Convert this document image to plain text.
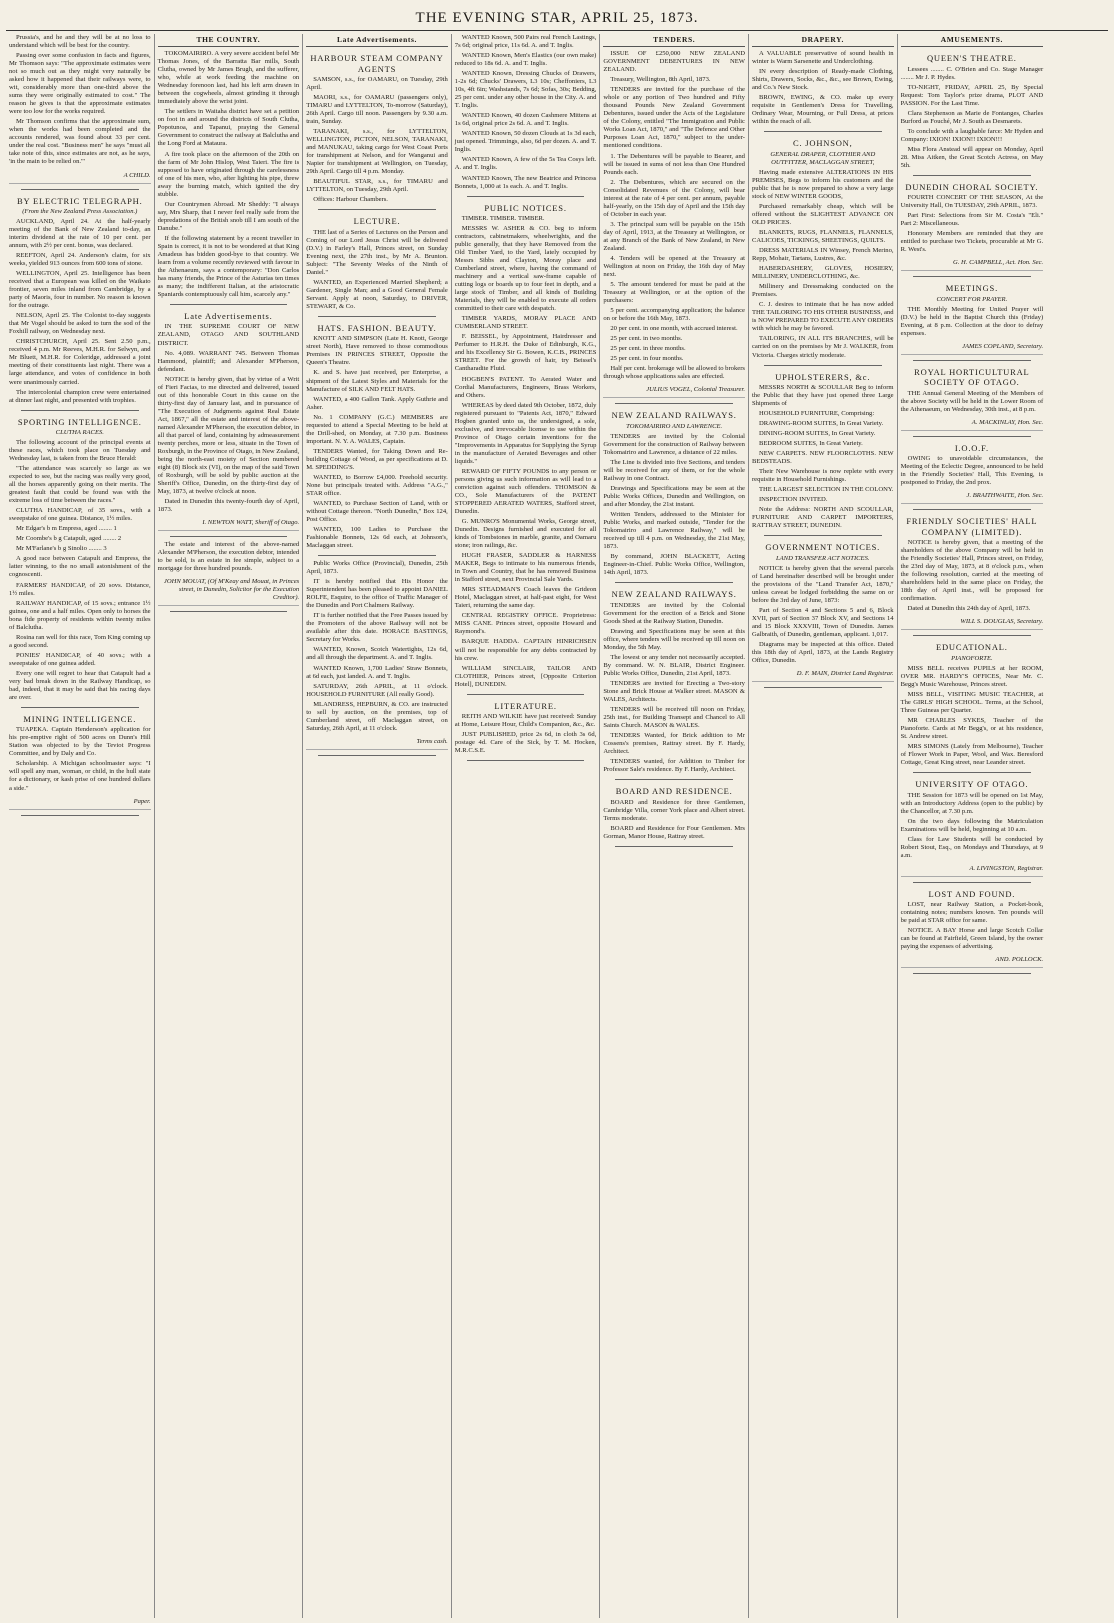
THE EVENING STAR, APRIL 25, 1873.

Prussia's, and he and they will be at no loss to understand which will be best for the country.

Passing over some confusion in facts and figures, Mr Thomson says: "The approximate estimates were not so much out as they might very naturally be asked how it happened that their railways were, to wit, considerably more than one-third above the sums they were originally estimated to cost." The reason he gives is that the approximate estimates were too low for the works required.

Mr Thomson confirms that the approximate sum, when the works had been completed and the accounts rendered, was found about 33 per cent. under the real cost. "Business men" he says "must all take note of this, since estimates are not, as he says, 'in the main to be relied on.'"

A CHILD.
BY ELECTRIC TELEGRAPH.
(From the New Zealand Press Association.)

AUCKLAND, April 24. At the half-yearly meeting of the Bank of New Zealand to-day, an interim dividend at the rate of 10 per cent. per annum, with 2½ per cent. bonus, was declared.

REEFTON, April 24. Anderson's claim, for six weeks, yielded 913 ounces from 600 tons of stone.

WELLINGTON, April 25. Intelligence has been received that a European was killed on the Waikato frontier, seven miles inland from Cambridge, by a party of Maoris, four in number. No reason is known for the outrage.

NELSON, April 25. The Colonist to-day suggests that Mr Vogel should be asked to turn the sod of the Foxhill railway, on Wednesday next.

CHRISTCHURCH, April 25. Sent 2.50 p.m., received 4 p.m. Mr Reeves, M.H.R. for Selwyn, and Mr Bluett, M.H.R. for Coleridge, addressed a joint meeting of their constituents last night. There was a large attendance, and votes of confidence in both were unanimously carried.

The intercolonial champion crew were entertained at dinner last night, and presented with trophies.

SPORTING INTELLIGENCE.
CLUTHA RACES.

The following account of the principal events at these races, which took place on Tuesday and Wednesday last, is taken from the Bruce Herald:

"The attendance was scarcely so large as we expected to see, but the racing was really very good, all the horses apparently going on their merits. The greatest fault that could be found was with the extreme loss of time between the races."

CLUTHA HANDICAP, of 35 sovs., with a sweepstake of one guinea. Distance, 1½ miles.

Mr Edgar's b m Empress, aged ........ 1

Mr Coombe's b g Catapult, aged ........ 2

Mr M'Farlane's b g Sinolio ........ 3

A good race between Catapult and Empress, the latter winning, to the no small astonishment of the cognoscenti.

FARMERS' HANDICAP, of 20 sovs. Distance, 1½ miles.

RAILWAY HANDICAP, of 15 sovs.; entrance 1½ guinea, one and a half miles. Open only to horses the bona fide property of residents within twenty miles of Balclutha.

Rosina ran well for this race, Tom King coming up a good second.

PONIES' HANDICAP, of 40 sovs.; with a sweepstake of one guinea added.

Every one will regret to hear that Catapult had a very bad break down in the Railway Handicap, so bad, indeed, that it may be said that his racing days are over.

MINING INTELLIGENCE.

TUAPEKA. Captain Henderson's application for his pre-emptive right of 500 acres on Dunn's Hill Station was objected to by the Teviot Progress Committee, and by Daly and Co.

Scholarship. A Michigan schoolmaster says: "I will spell any man, woman, or child, in the hull state for a dictionary, or kash prise of one hundred dollars a side."

Paper.
THE COUNTRY.

TOKOMAIRIRO. A very severe accident befel Mr Thomas Jones, of the Barratta Bar mills, South Clutha, owned by Mr James Brugh, and the sufferer, who, while at work feeding the machine on Wednesday forenoon last, had his left arm drawn in between the cogwheels, almost grinding it through immediately above the wrist joint.

The settlers in Waitaha district have set a petition on foot in and around the districts of South Clutha, Popotunoa, and Tapanui, praying the General Government to construct the railway at Balclutha and the Long Ford at Mataura.

A fire took place on the afternoon of the 20th on the farm of Mr John Hislop, West Taieri. The fire is supposed to have originated through the carelessness of one of his men, who, after lighting his pipe, threw away the burning match, which ignited the dry stubble.

Our Countrymen Abroad. Mr Sheddy: "I always say, Mrs Sharp, that I never feel really safe from the depredations of the British snob till I am south of the Danube."

If the following statement by a recent traveller in Spain is correct, it is not to be wondered at that King Amadeus has bidden good-bye to that country. We learn from a volume recently reviewed with favour in the Athenaeum, says a contemporary: "Don Carlos has many friends, the Prince of the Asturias ten times as many; the indifferent Italian, at the aristocratic Spaniards contemptuously call him, scarcely any."

Late Advertisements.

IN THE SUPREME COURT OF NEW ZEALAND, OTAGO AND SOUTHLAND DISTRICT.

No. 4,089. WARRANT 745. Between Thomas Hammond, plaintiff; and Alexander M'Pherson, defendant.

NOTICE is hereby given, that by virtue of a Writ of Fieri Facias, to me directed and delivered, issued out of this honorable Court in this cause on the thirty-first day of January last, and in pursuance of "The Execution of Judgments against Real Estate Act, 1867," all the estate and interest of the above-named Alexander M'Pherson, the execution debtor, in all that parcel of land, containing by admeasurement twenty perches, more or less, situate in the Town of Roxburgh, in the Province of Otago, in New Zealand, being the north-east moiety of Section numbered eight (8) Block six (VI), on the map of the said Town of Roxburgh, will be sold by public auction at the Sheriff's Office, Dunedin, on the thirty-first day of May, 1873, at twelve o'clock at noon.

Dated in Dunedin this twenty-fourth day of April, 1873.

I. NEWTON WATT, Sheriff of Otago.

The estate and interest of the above-named Alexander M'Pherson, the execution debtor, intended to be sold, is an estate in fee simple, subject to a mortgage for three hundred pounds.

JOHN MOUAT, (Of M'Keay and Mouat, in Princes street, in Dunedin, Solicitor for the Execution Creditor).
Late Advertisements.
HARBOUR STEAM COMPANY AGENTS

SAMSON, s.s., for OAMARU, on Tuesday, 29th April.

MAORI, s.s., for OAMARU (passengers only), TIMARU and LYTTELTON, To-morrow (Saturday), 26th April. Cargo till noon. Passengers by 9.30 a.m. train, Sunday.

TARANAKI, s.s., for LYTTELTON, WELLINGTON, PICTON, NELSON, TARANAKI, and MANUKAU, taking cargo for West Coast Ports for transhipment at Nelson, and for Wanganui and Napier for transhipment at Wellington, on Tuesday, 29th April. Cargo till 4 p.m. Monday.

BEAUTIFUL STAR, s.s., for TIMARU and LYTTELTON, on Tuesday, 29th April.

Offices: Harbour Chambers.

LECTURE.

THE last of a Series of Lectures on the Person and Coming of our Lord Jesus Christ will be delivered (D.V.) in Farley's Hall, Princes street, on Sunday Evening next, the 27th inst., by Mr A. Brunton. Subject: "The Seventy Weeks of the Ninth of Daniel."

WANTED, an Experienced Married Shepherd; a Gardener, Single Man; and a Good General Female Servant. Apply at noon, Saturday, to DRIVER, STEWART, & Co.

HATS. FASHION. BEAUTY.

KNOTT AND SIMPSON (Late H. Knott, George street North), Have removed to those commodious Premises IN PRINCES STREET, Opposite the Queen's Theatre.

K. and S. have just received, per Enterprise, a shipment of the Latest Styles and Materials for the Manufacture of SILK AND FELT HATS.

WANTED, a 400 Gallon Tank. Apply Guthrie and Asher.

No. 1 COMPANY (G.C.) MEMBERS are requested to attend a Special Meeting to be held at the Drill-shed, on Monday, at 7.30 p.m. Business important. N. Y. A. WALES, Captain.

TENDERS Wanted, for Taking Down and Re-building Cottage of Wood, as per specifications at D. M. SPEDDING'S.

WANTED, to Borrow £4,000. Freehold security. None but principals treated with. Address "A.G.," STAR office.

WANTED, to Purchase Section of Land, with or without Cottage thereon. "North Dunedin," Box 124, Post Office.

WANTED, 100 Ladies to Purchase the Fashionable Bonnets, 12s 6d each, at Johnson's, Maclaggan street.

Public Works Office (Provincial), Dunedin, 25th April, 1873.

IT is hereby notified that His Honor the Superintendent has been pleased to appoint DANIEL ROLFE, Esquire, to the office of Traffic Manager of the Dunedin and Port Chalmers Railway.

IT is further notified that the Free Passes issued by the Promoters of the above Railway will not be available after this date. HORACE BASTINGS, Secretary for Works.

WANTED, Known, Scotch Watertights, 12s 6d, and all through the department. A. and T. Inglis.

WANTED Known, 1,700 Ladies' Straw Bonnets, at 6d each, just landed. A. and T. Inglis.

SATURDAY, 26th APRIL, at 11 o'clock. HOUSEHOLD FURNITURE (All really Good).

MLANDRESS, HEPBURN, & CO. are instructed to sell by auction, on the premises, top of Cumberland street, off Maclaggan street, on Saturday, 26th April, at 11 o'clock.

Terms cash.

WANTED Known, 500 Pairs real French Lastings, 7s 6d; original price, 11s 6d. A. and T. Inglis.

WANTED Known, Men's Elastics (our own make) reduced to 18s 6d. A. and T. Inglis.

WANTED Known, Dressing Chucks of Drawers, 1-2s 6d; Chucks' Drawers, L3 10s; Cheffoniers, L3 10s, 4ft 6in; Washstands, 7s 6d; Sofas, 30s; Bedding, 25 per cent. under any other house in the City. A. and T. Inglis.

WANTED Known, 40 dozen Cashmere Mittens at 1s 6d, original price 2s 6d. A. and T. Inglis.

WANTED Known, 50 dozen Clouds at 1s 3d each, just opened. Trimmings, also, 6d per dozen. A. and T. Inglis.

WANTED Known, A few of the 5s Tea Cosys left. A. and T. Inglis.

WANTED Known, The new Beatrice and Princess Bonnets, 1,000 at 1s each. A. and T. Inglis.

PUBLIC NOTICES.

TIMBER. TIMBER. TIMBER.

MESSRS W. ASHER & CO. beg to inform contractors, cabinetmakers, wheelwrights, and the public generally, that they have Removed from the Old Timber Yard, to the Yard, lately occupied by Messrs Sibbs and Clayton, Moray place and Cumberland street, where, having the command of machinery and a vertical saw-frame capable of cutting logs or boards up to four feet in depth, and a large stock of Timber, and all kinds of Building Materials, they will be enabled to execute all orders committed to their care with despatch.

TIMBER YARDS, MORAY PLACE AND CUMBERLAND STREET.

F. BEISSEL, by Appointment, Hairdresser and Perfumer to H.R.H. the Duke of Edinburgh, K.G., and his Excellency Sir G. Bowen, K.C.B., PRINCES STREET. For the growth of hair, try Beissel's Cantharadite Fluid.

HOGBEN'S PATENT. To Aerated Water and Cordial Manufacturers, Engineers, Brass Workers, and Others.

WHEREAS by deed dated 9th October, 1872, duly registered pursuant to "Patents Act, 1870," Edward Hogben granted unto us, the undersigned, a sole, exclusive, and irrevocable license to use within the Province of Otago certain inventions for the "Improvements in Apparatus for Supplying the Syrup in the manufacture of Aerated Beverages and other liquids."

REWARD OF FIFTY POUNDS to any person or persons giving us such information as will lead to a conviction against such offenders. THOMSON & CO., Sole Manufacturers of the PATENT STOPPERED AERATED WATERS, Stafford street, Dunedin.

G. MUNRO'S Monumental Works, George street, Dunedin. Designs furnished and executed for all kinds of Tombstones in marble, granite, and Oamaru stone; iron railings, &c.

HUGH FRASER, SADDLER & HARNESS MAKER, Begs to intimate to his numerous friends, in Town and Country, that he has removed Business in Stafford street, next Provincial Sale Yards.

MRS STEADMAN'S Coach leaves the Grideon Hotel, Maclaggan street, at half-past eight, for West Taieri, returning the same day.

CENTRAL REGISTRY OFFICE. Proprietress: MISS CANE. Princes street, opposite Howard and Raymond's.

BARQUE HADDA. CAPTAIN HINRICHSEN will not be responsible for any debts contracted by his crew.

WILLIAM SINCLAIR, TAILOR AND CLOTHIER, Princes street, [Opposite Criterion Hotel], DUNEDIN.

LITERATURE.

REITH AND WILKIE have just received: Sunday at Home, Leisure Hour, Child's Companion, &c., &c.

JUST PUBLISHED, price 2s 6d, in cloth 3s 6d, postage 4d. Care of the Sick, by T. M. Hocken, M.R.C.S.E.

TENDERS.

ISSUE OF £250,000 NEW ZEALAND GOVERNMENT DEBENTURES IN NEW ZEALAND.

Treasury, Wellington, 8th April, 1873.

TENDERS are invited for the purchase of the whole or any portion of Two hundred and Fifty thousand Pounds New Zealand Government Debentures, issued under the Acts of the Legislature of the Colony, entitled "The Immigration and Public Works Loan Act, 1870," and "The Defence and Other Purposes Loan Act, 1870," subject to the under-mentioned conditions.

1. The Debentures will be payable to Bearer, and will be issued in sums of not less than One Hundred Pounds each.

2. The Debentures, which are secured on the Consolidated Revenues of the Colony, will bear interest at the rate of 4 per cent. per annum, payable half-yearly, on the 15th day of April and the 15th day of October in each year.

3. The principal sum will be payable on the 15th day of April, 1913, at the Treasury at Wellington, or at any Branch of the Bank of New Zealand, in New Zealand.

4. Tenders will be opened at the Treasury at Wellington at noon on Friday, the 16th day of May next.

5. The amount tendered for must be paid at the Treasury at Wellington, or at the option of the purchasers:

5 per cent. accompanying application; the balance on or before the 16th May, 1873.

20 per cent. in one month, with accrued interest.

25 per cent. in two months.

25 per cent. in three months.

25 per cent. in four months.

Half per cent. brokerage will be allowed to brokers through whose applications sales are effected.

JULIUS VOGEL, Colonial Treasurer.
NEW ZEALAND RAILWAYS.
TOKOMAIRIRO AND LAWRENCE.

TENDERS are invited by the Colonial Government for the construction of Railway between Tokomairiro and Lawrence, a distance of 22 miles.

The Line is divided into five Sections, and tenders will be received for any of them, or for the whole Railway in one Contract.

Drawings and Specifications may be seen at the Public Works Offices, Dunedin and Wellington, on and after Monday, the 21st instant.

Written Tenders, addressed to the Minister for Public Works, and marked outside, "Tender for the Tokomairiro and Lawrence Railway," will be received up till 4 p.m. on Wednesday, the 21st May, 1873.

By command, JOHN BLACKETT, Acting Engineer-in-Chief. Public Works Office, Wellington, 14th April, 1873.

NEW ZEALAND RAILWAYS.

TENDERS are invited by the Colonial Government for the erection of a Brick and Stone Goods Shed at the Railway Station, Dunedin.

Drawing and Specifications may be seen at this office, where tenders will be received up till noon on Monday, the 5th May.

The lowest or any tender not necessarily accepted. By command. W. N. BLAIR, District Engineer. Public Works Office, Dunedin, 21st April, 1873.

TENDERS are invited for Erecting a Two-story Stone and Brick House at Walker street. MASON & WALES, Architects.

TENDERS will be received till noon on Friday, 25th inst., for Building Transept and Chancel to All Saints Church. MASON & WALES.

TENDERS Wanted, for Brick addition to Mr Cossens's premises, Rattray street. By F. Hardy, Architect.

TENDERS wanted, for Addition to Timber for Professor Sale's residence. By F. Hardy, Architect.

BOARD AND RESIDENCE.

BOARD and Residence for three Gentlemen, Cambridge Villa, corner York place and Albert street. Terms moderate.

BOARD and Residence for Four Gentlemen. Mrs Gorman, Manor House, Rattray street.

DRAPERY.

A VALUABLE preservative of sound health in winter is Warm Sarsenette and Underclothing.

IN every description of Ready-made Clothing, Shirts, Drawers, Socks, &c., &c., see Brown, Ewing, and Co.'s New Stock.

BROWN, EWING, & CO. make up every requisite in Gentlemen's Dress for Travelling, Ordinary Wear, Mourning, or Full Dress, at prices within the reach of all.

C. JOHNSON,
GENERAL DRAPER, CLOTHIER AND OUTFITTER, MACLAGGAN STREET,

Having made extensive ALTERATIONS IN HIS PREMISES, Begs to inform his customers and the public that he is now prepared to show a very large stock of NEW WINTER GOODS,

Purchased remarkably cheap, which will be offered without the SLIGHTEST ADVANCE ON OLD PRICES.

BLANKETS, RUGS, FLANNELS, FLANNELS, CALICOES, TICKINGS, SHEETINGS, QUILTS.

DRESS MATERIALS IN Winsey, French Merino, Repp, Mohair, Tartans, Lustres, &c.

HABERDASHERY, GLOVES, HOSIERY, MILLINERY, UNDERCLOTHING, &c.

Millinery and Dressmaking conducted on the Premises.

C. J. desires to intimate that he has now added THE TAILORING TO HIS OTHER BUSINESS, and is NOW PREPARED TO EXECUTE ANY ORDERS with which he may be favored.

TAILORING, IN ALL ITS BRANCHES, will be carried on on the premises by Mr J. WALKER, from Victoria. Charges strictly moderate.

UPHOLSTERERS, &c.

MESSRS NORTH & SCOULLAR Beg to inform the Public that they have just opened three Large Shipments of

HOUSEHOLD FURNITURE, Comprising:

DRAWING-ROOM SUITES, In Great Variety.

DINING-ROOM SUITES, In Great Variety.

BEDROOM SUITES, In Great Variety.

NEW CARPETS. NEW FLOORCLOTHS. NEW BEDSTEADS.

Their New Warehouse is now replete with every requisite in Household Furnishings.

THE LARGEST SELECTION IN THE COLONY.

INSPECTION INVITED.

Note the Address: NORTH AND SCOULLAR, FURNITURE AND CARPET IMPORTERS, RATTRAY STREET, DUNEDIN.

GOVERNMENT NOTICES.
LAND TRANSFER ACT NOTICES.

NOTICE is hereby given that the several parcels of Land hereinafter described will be brought under the provisions of the "Land Transfer Act, 1870," unless caveat be lodged forbidding the same on or before the 3rd day of June, 1873:

Part of Section 4 and Sections 5 and 6, Block XVII, part of Section 37 Block XV, and Sections 14 and 15 Block XXXVIII, Town of Dunedin. James Galbraith, of Dunedin, gentleman, applicant. 1,017.

Diagrams may be inspected at this office. Dated this 18th day of April, 1873, at the Lands Registry Office, Dunedin.

D. F. MAIN, District Land Registrar.
AMUSEMENTS.
QUEEN'S THEATRE.

Lessees ........ C. O'Brien and Co. Stage Manager ........ Mr J. P. Hydes.

TO-NIGHT, FRIDAY, APRIL 25, By Special Request: Tom Taylor's prize drama, PLOT AND PASSION. For the Last Time.

Clara Stephenson as Marie de Fontanges, Charles Burford as Fouché, Mr J. South as Desmarets.

To conclude with a laughable farce: Mr Hyden and Company: IXION! IXION!! IXION!!!

Miss Flora Anstead will appear on Monday, April 28. Miss Aitken, the Great Scotch Actress, on May 5th.

DUNEDIN CHORAL SOCIETY.

FOURTH CONCERT OF THE SEASON, At the University Hall, On TUESDAY, 29th APRIL, 1873.

Part First: Selections from Sir M. Costa's "Eli." Part 2: Miscellaneous.

Honorary Members are reminded that they are entitled to purchase two Tickets, procurable at Mr G. R. West's.

G. H. CAMPBELL, Act. Hon. Sec.
MEETINGS.
CONCERT FOR PRAYER.

THE Monthly Meeting for United Prayer will (D.V.) be held in the Baptist Church this (Friday) Evening, at 8 p.m. Collection at the door to defray expenses.

JAMES COPLAND, Secretary.
ROYAL HORTICULTURAL SOCIETY OF OTAGO.

THE Annual General Meeting of the Members of the above Society will be held in the Lower Room of the Athenaeum, on Wednesday, 30th inst., at 8 p.m.

A. MACKINLAY, Hon. Sec.
I.O.O.F.

OWING to unavoidable circumstances, the Meeting of the Eclectic Degree, announced to be held in the Friendly Societies' Hall, This Evening, is postponed to Friday, the 2nd prox.

J. BRAITHWAITE, Hon. Sec.
FRIENDLY SOCIETIES' HALL COMPANY (LIMITED).

NOTICE is hereby given, that a meeting of the shareholders of the above Company will be held in the Friendly Societies' Hall, Princes street, on Friday, the 23rd day of May, 1873, at 8 o'clock p.m., when the following resolution, carried at the meeting of shareholders held in the same place on Friday, the 18th day of April inst., will be proposed for confirmation.

Dated at Dunedin this 24th day of April, 1873.

WILL S. DOUGLAS, Secretary.
EDUCATIONAL.
PIANOFORTE.

MISS BELL receives PUPILS at her ROOM, OVER MR. HARDY'S OFFICES, Near Mr. C. Begg's Music Warehouse, Princes street.

MISS BELL, VISITING MUSIC TEACHER, at The GIRLS' HIGH SCHOOL. Terms, at the School, Three Guineas per Quarter.

MR CHARLES SYKES, Teacher of the Pianoforte. Cards at Mr Begg's, or at his residence, St. Andrew street.

MRS SIMONS (Lately from Melbourne), Teacher of Flower Work in Paper, Wool, and Wax. Beresford Cottage, Great King street, near Leander street.

UNIVERSITY OF OTAGO.

THE Session for 1873 will be opened on 1st May, with an Introductory Address (open to the public) by the Chancellor, at 7.30 p.m.

On the two days following the Matriculation Examinations will be held, beginning at 10 a.m.

Class for Law Students will be conducted by Robert Stout, Esq., on Mondays and Thursdays, at 9 a.m.

A. LIVINGSTON, Registrar.
LOST AND FOUND.

LOST, near Railway Station, a Pocket-book, containing notes; numbers known. Ten pounds will be paid at STAR office for same.

NOTICE. A BAY Horse and large Scotch Collar can be found at Fairfield, Green Island, by the owner paying the expenses of advertising.

AND. POLLOCK.
